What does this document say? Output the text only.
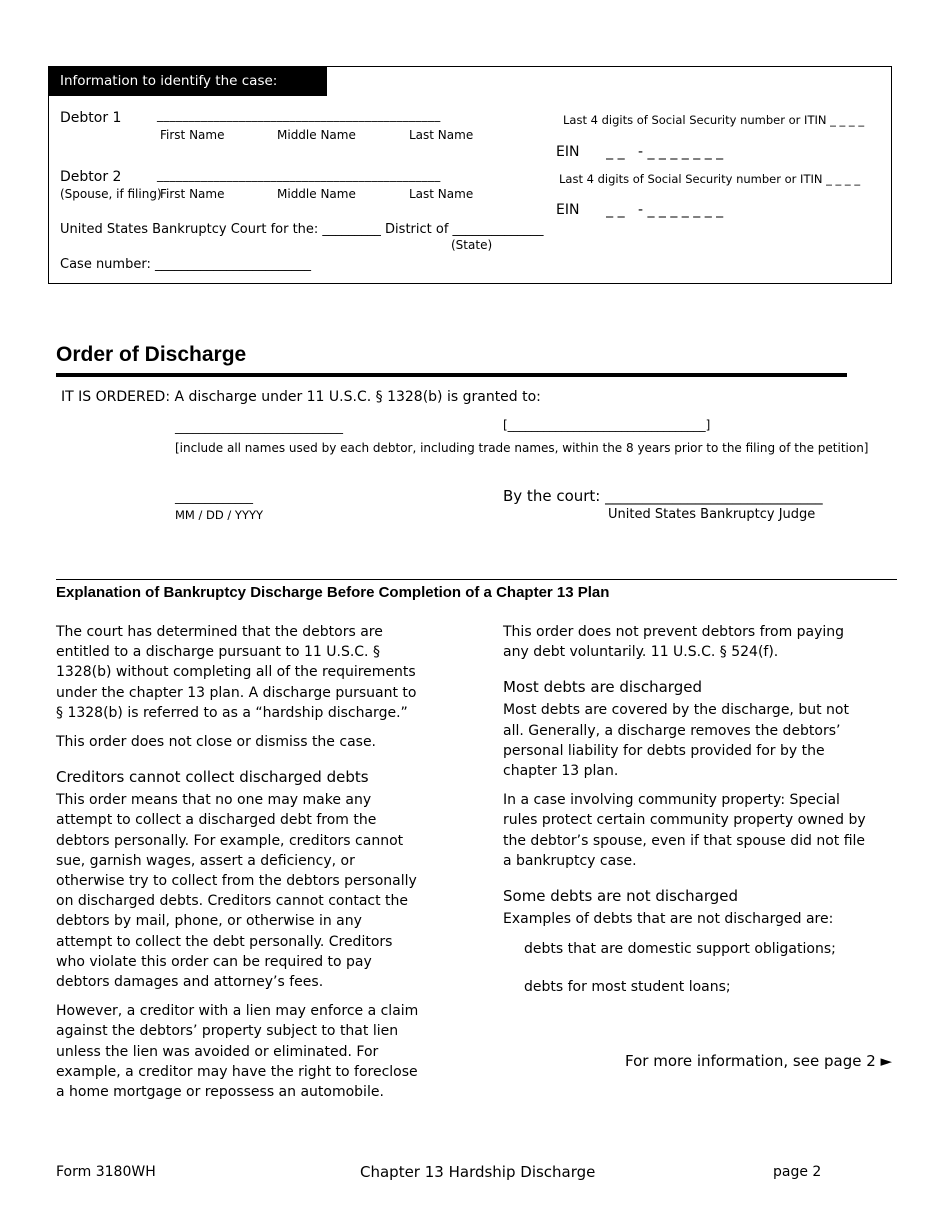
Information to identify the case:
Debtor 1	_____________________________________________	Last 4 digits of Social Security number or ITIN _ _ _ _
First Name	Middle Name	Last Name
EIN      _ _   - _ _ _ _ _ _ _
Debtor 2
(Spouse, if filing)
_____________________________________________	Last 4 digits of Social Security number or ITIN _ _ _ _
First Name	Middle Name	Last Name
EIN      _ _   - _ _ _ _ _ _ _
United States Bankruptcy Court for the: _________ District of ______________
(State)
Case number: ________________________
Order of Discharge
IT IS ORDERED: A discharge under 11 U.S.C. § 1328(b) is granted to:
____________________________	[_________________________________]
[include all names used by each debtor, including trade names, within the 8 years prior to the filing of the petition]
_____________
MM / DD / YYYY
By the court: _____________________________
United States Bankruptcy Judge
Explanation of Bankruptcy Discharge Before Completion of a Chapter 13 Plan

The court has determined that the debtors are entitled to a discharge pursuant to 11 U.S.C. § 1328(b) without completing all of the requirements under the chapter 13 plan. A discharge pursuant to § 1328(b) is referred to as a “hardship discharge.”

This order does not close or dismiss the case.

Creditors cannot collect discharged debts

This order means that no one may make any attempt to collect a discharged debt from the debtors personally. For example, creditors cannot sue, garnish wages, assert a deficiency, or otherwise try to collect from the debtors personally on discharged debts. Creditors cannot contact the debtors by mail, phone, or otherwise in any attempt to collect the debt personally. Creditors who violate this order can be required to pay debtors damages and attorney’s fees.

However, a creditor with a lien may enforce a claim against the debtors’ property subject to that lien unless the lien was avoided or eliminated. For example, a creditor may have the right to foreclose a home mortgage or repossess an automobile.

This order does not prevent debtors from paying any debt voluntarily. 11 U.S.C. § 524(f).

Most debts are discharged

Most debts are covered by the discharge, but not all. Generally, a discharge removes the debtors’ personal liability for debts provided for by the chapter 13 plan.

In a case involving community property: Special rules protect certain community property owned by the debtor’s spouse, even if that spouse did not file a bankruptcy case.

Some debts are not discharged

Examples of debts that are not discharged are:

debts that are domestic support obligations;

debts for most student loans;

For more information, see page 2 ►
Form 3180WH	Chapter 13 Hardship Discharge	page 2
